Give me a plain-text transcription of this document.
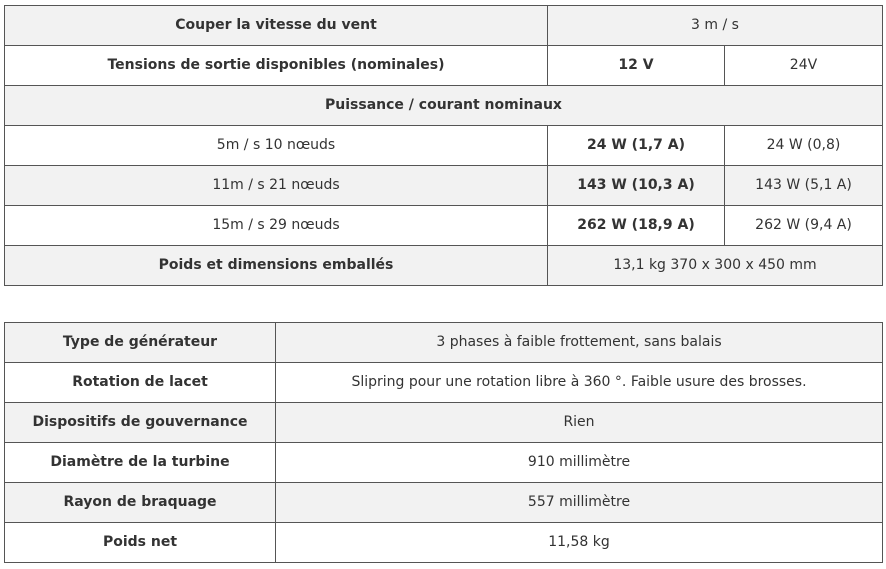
Couper la vitesse du vent	3 m / s	
Tensions de sortie disponibles (nominales)	12 V	24V
Puissance / courant nominaux		
5m / s 10 nœuds	24 W (1,7 A)	24 W (0,8)
11m / s 21 nœuds	143 W (10,3 A)	143 W (5,1 A)
15m / s 29 nœuds	262 W (18,9 A)	262 W (9,4 A)
Poids et dimensions emballés	13,1 kg 370 x 300 x 450 mm	
Type de générateur	3 phases à faible frottement, sans balais
Rotation de lacet	Slipring pour une rotation libre à 360 °. Faible usure des brosses.
Dispositifs de gouvernance	Rien
Diamètre de la turbine	910 millimètre
Rayon de braquage	557 millimètre
Poids net	11,58 kg
